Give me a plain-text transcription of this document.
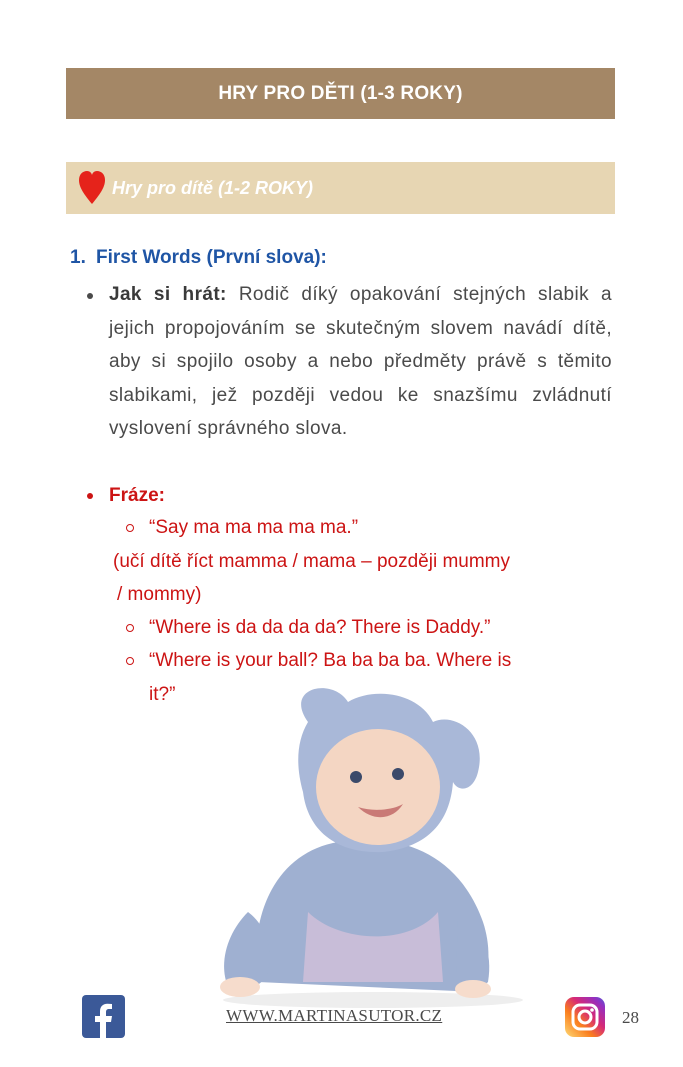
HRY PRO DĚTI (1-3 ROKY)
Hry pro dítě (1-2 ROKY)
1. First Words (První slova):
Jak si hrát: Rodič díký opakování stejných slabik a jejich propojováním se skutečným slovem navádí dítě, aby si spojilo osoby a nebo předměty právě s těmito slabikami, jež později vedou ke snazšímu zvládnutí vyslovení správného slova.
Fráze:
“Say ma ma ma ma ma.”
(učí dítě říct mamma / mama – později mummy
/ mommy)
“Where is da da da da? There is Daddy.”
“Where is your ball? Ba ba ba ba. Where is
it?”
WWW.MARTINASUTOR.CZ	28
